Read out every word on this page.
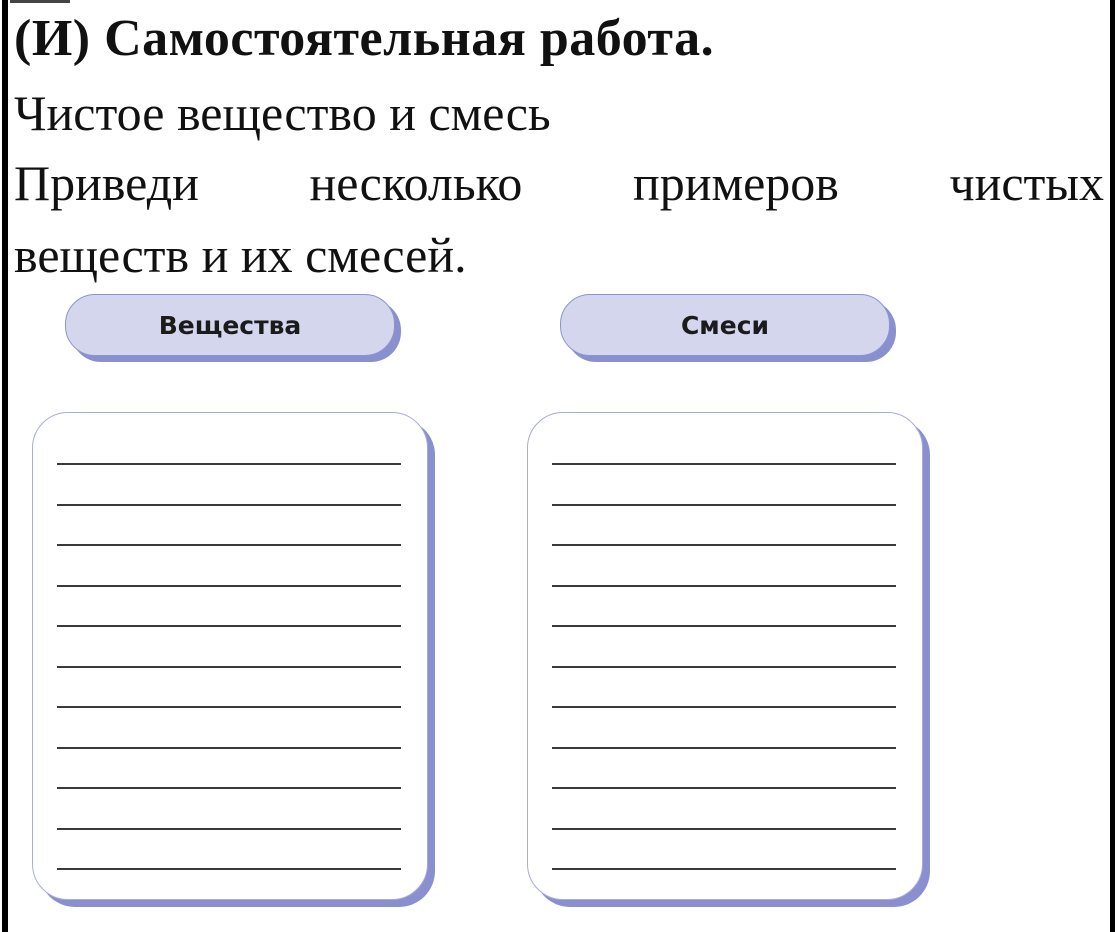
(И) Самостоятельная работа.
Чистое вещество и смесь
Приведи несколько примеров чистых
веществ и их смесей.
Вещества	Смеси
